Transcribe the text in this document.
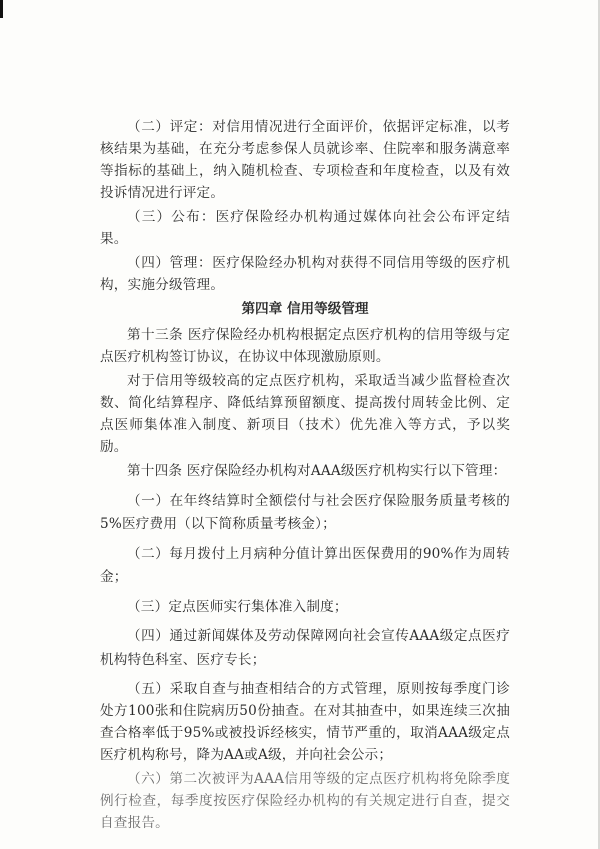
（二）评定：对信用情况进行全面评价，依据评定标准，以考核结果为基础，在充分考虑参保人员就诊率、住院率和服务满意率等指标的基础上，纳入随机检查、专项检查和年度检查，以及有效投诉情况进行评定。

（三）公布：医疗保险经办机构通过媒体向社会公布评定结果。

（四）管理：医疗保险经办机构对获得不同信用等级的医疗机构，实施分级管理。

第四章 信用等级管理

第十三条 医疗保险经办机构根据定点医疗机构的信用等级与定点医疗机构签订协议，在协议中体现激励原则。

对于信用等级较高的定点医疗机构，采取适当减少监督检查次数、简化结算程序、降低结算预留额度、提高拨付周转金比例、定点医师集体准入制度、新项目（技术）优先准入等方式，予以奖励。

第十四条 医疗保险经办机构对AAA级医疗机构实行以下管理：

（一）在年终结算时全额偿付与社会医疗保险服务质量考核的5%医疗费用（以下简称质量考核金）；

（二）每月拨付上月病种分值计算出医保费用的90%作为周转金；

（三）定点医师实行集体准入制度；

（四）通过新闻媒体及劳动保障网向社会宣传AAA级定点医疗机构特色科室、医疗专长；

（五）采取自查与抽查相结合的方式管理，原则按每季度门诊处方100张和住院病历50份抽查。在对其抽查中，如果连续三次抽查合格率低于95%或被投诉经核实，情节严重的，取消AAA级定点医疗机构称号，降为AA或A级，并向社会公示；

（六）第二次被评为AAA信用等级的定点医疗机构将免除季度例行检查，每季度按医疗保险经办机构的有关规定进行自查，提交自查报告。
